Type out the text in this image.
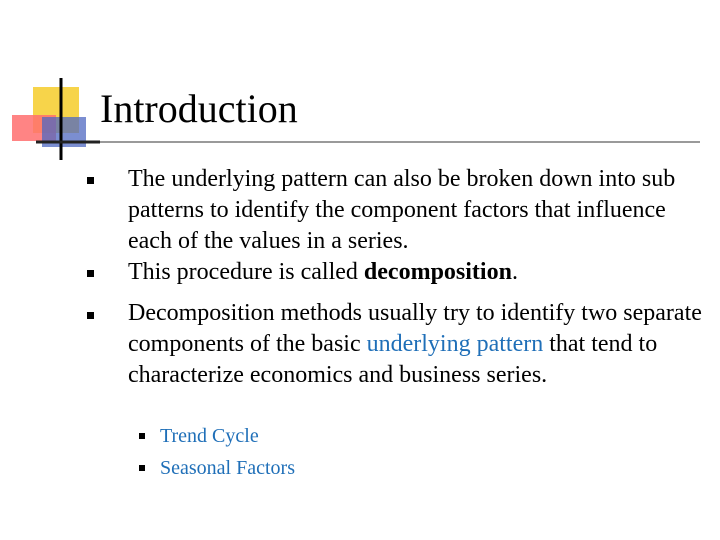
Introduction
The underlying pattern can also be broken down into sub patterns to identify the component factors that influence each of the values in a series.
This procedure is called decomposition.
Decomposition methods usually try to identify two separate components of the basic underlying pattern that tend to characterize economics and business series.
Trend Cycle
Seasonal Factors
